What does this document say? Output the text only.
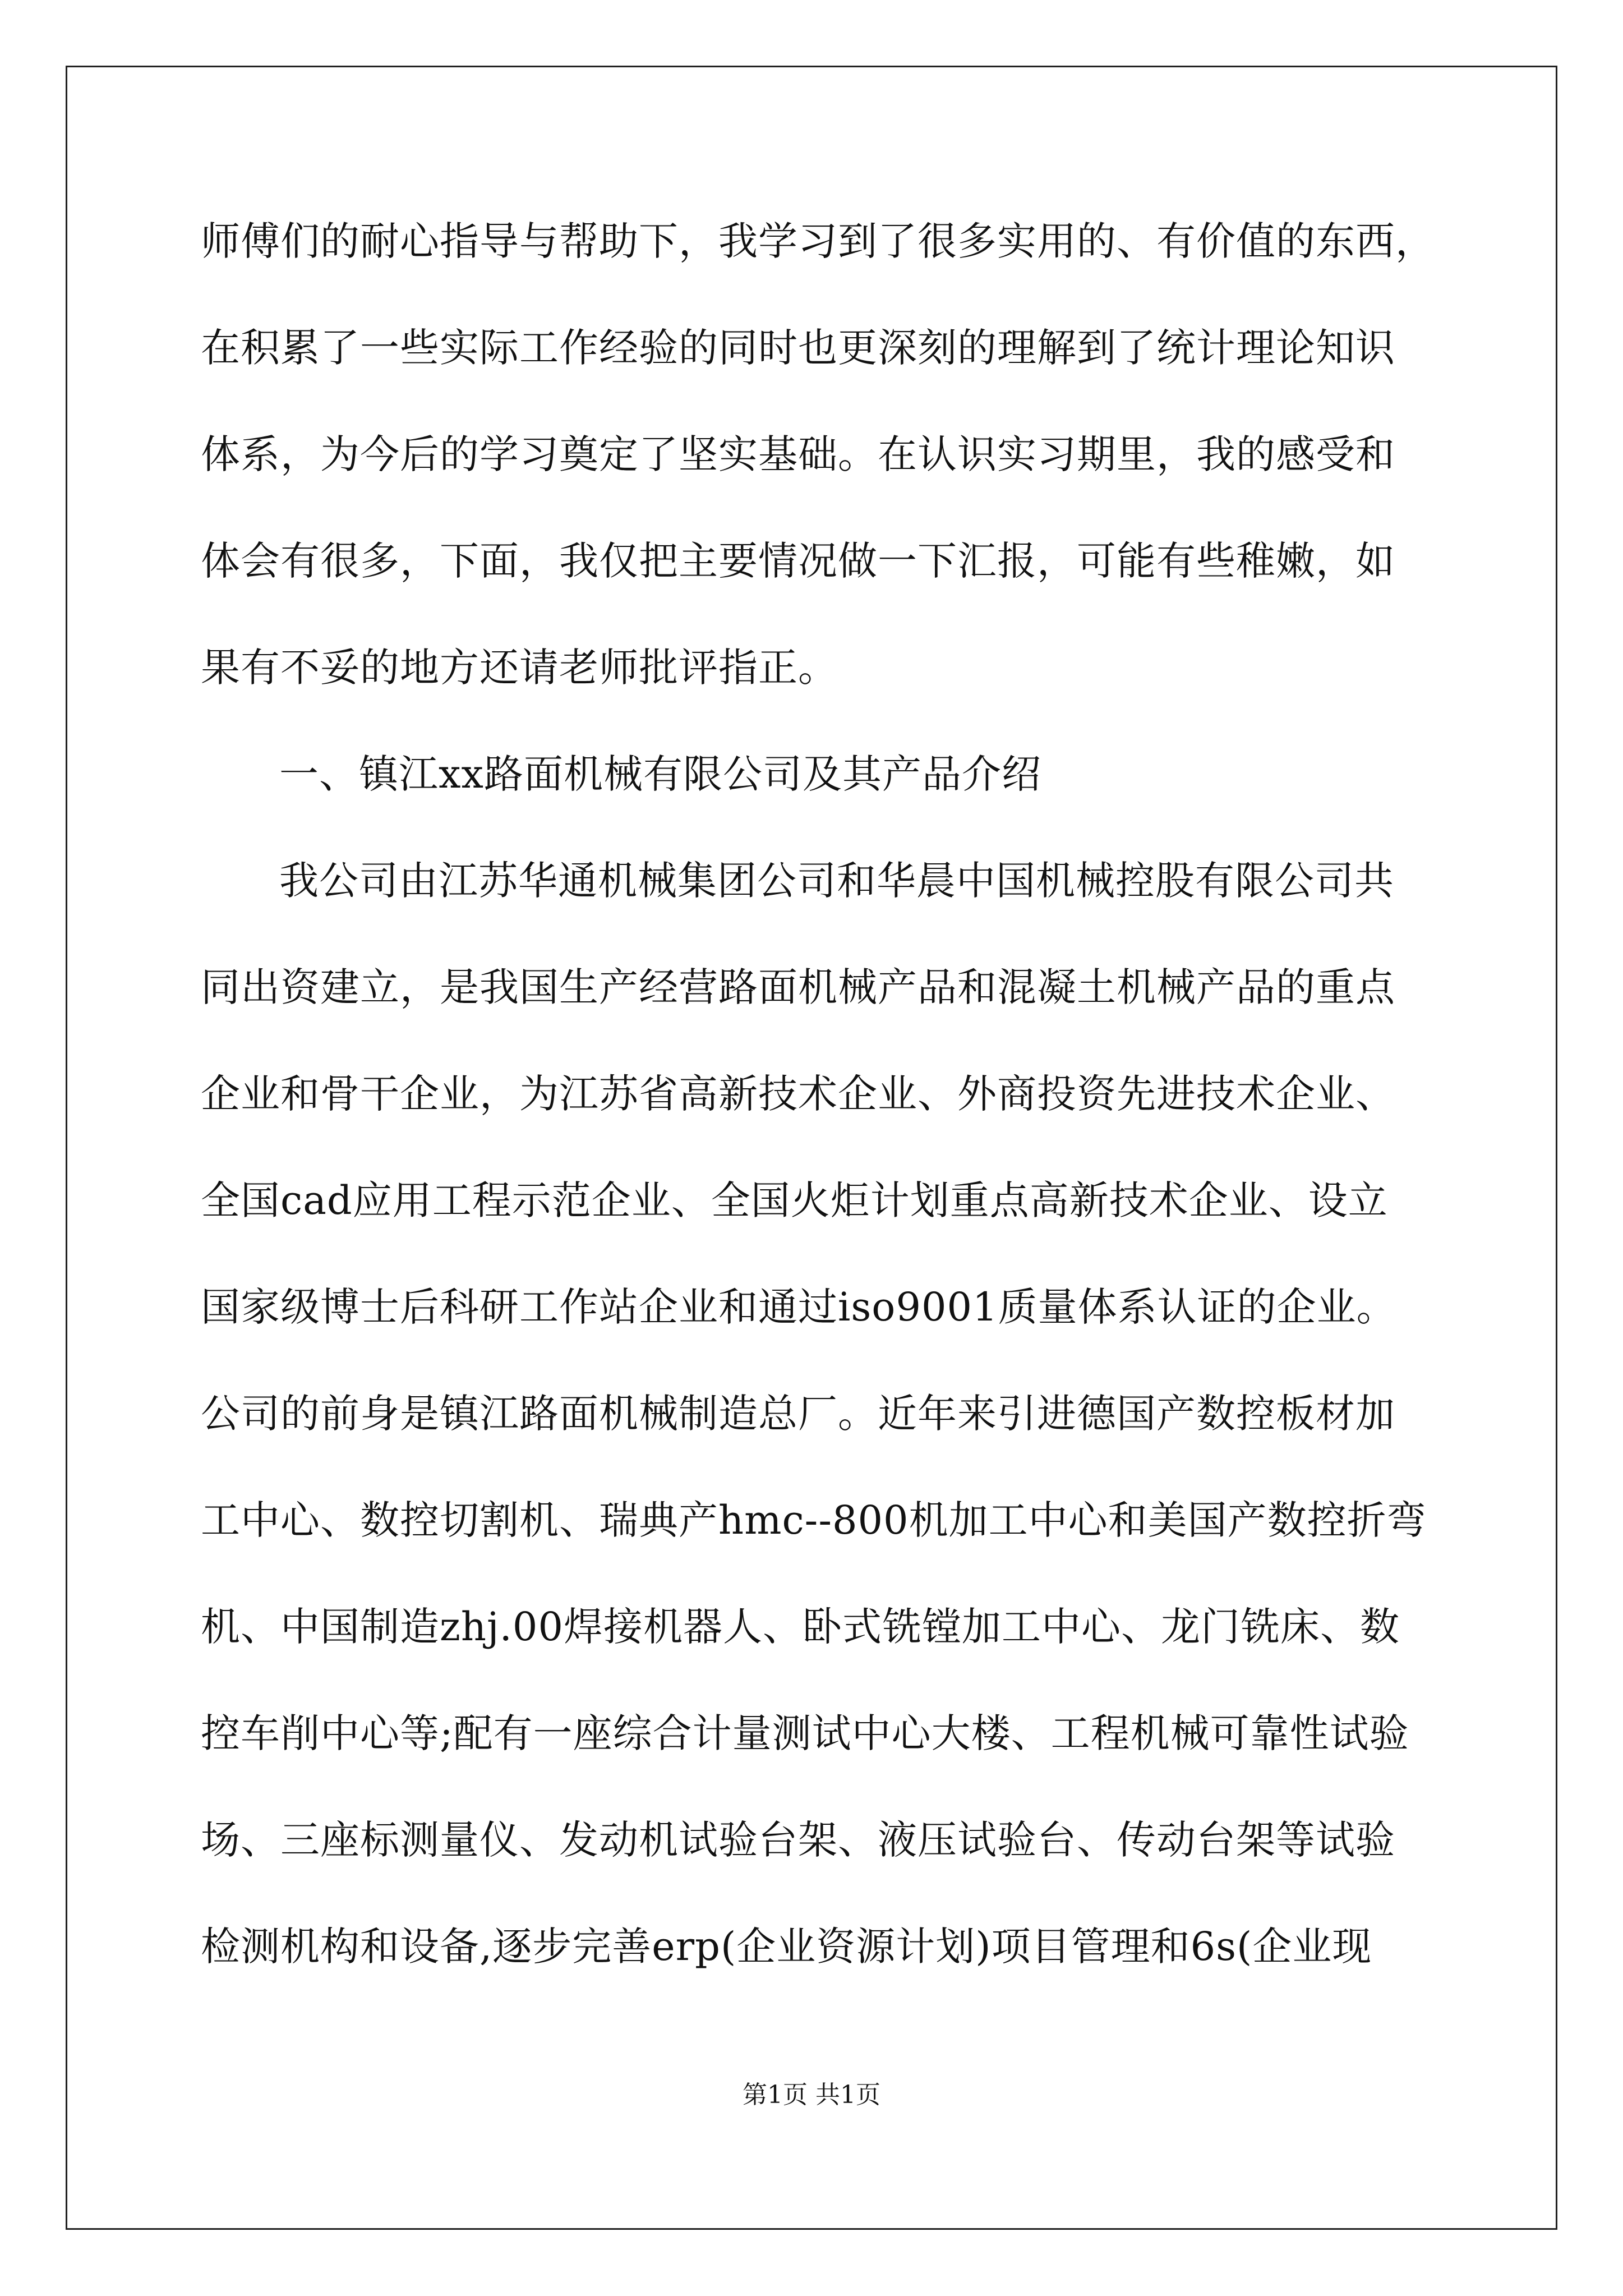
师傅们的耐心指导与帮助下，我学习到了很多实用的、有价值的东西，
在积累了一些实际工作经验的同时也更深刻的理解到了统计理论知识
体系，为今后的学习奠定了坚实基础。在认识实习期里，我的感受和
体会有很多，下面，我仅把主要情况做一下汇报，可能有些稚嫩，如
果有不妥的地方还请老师批评指正。
一、镇江xx路面机械有限公司及其产品介绍
我公司由江苏华通机械集团公司和华晨中国机械控股有限公司共
同出资建立，是我国生产经营路面机械产品和混凝土机械产品的重点
企业和骨干企业，为江苏省高新技术企业、外商投资先进技术企业、
全国cad应用工程示范企业、全国火炬计划重点高新技术企业、设立
国家级博士后科研工作站企业和通过iso9001质量体系认证的企业。
公司的前身是镇江路面机械制造总厂。近年来引进德国产数控板材加
工中心、数控切割机、瑞典产hmc--800机加工中心和美国产数控折弯
机、中国制造zhj.00焊接机器人、卧式铣镗加工中心、龙门铣床、数
控车削中心等;配有一座综合计量测试中心大楼、工程机械可靠性试验
场、三座标测量仪、发动机试验台架、液压试验台、传动台架等试验
检测机构和设备,逐步完善erp(企业资源计划)项目管理和6s(企业现
第1页 共1页
